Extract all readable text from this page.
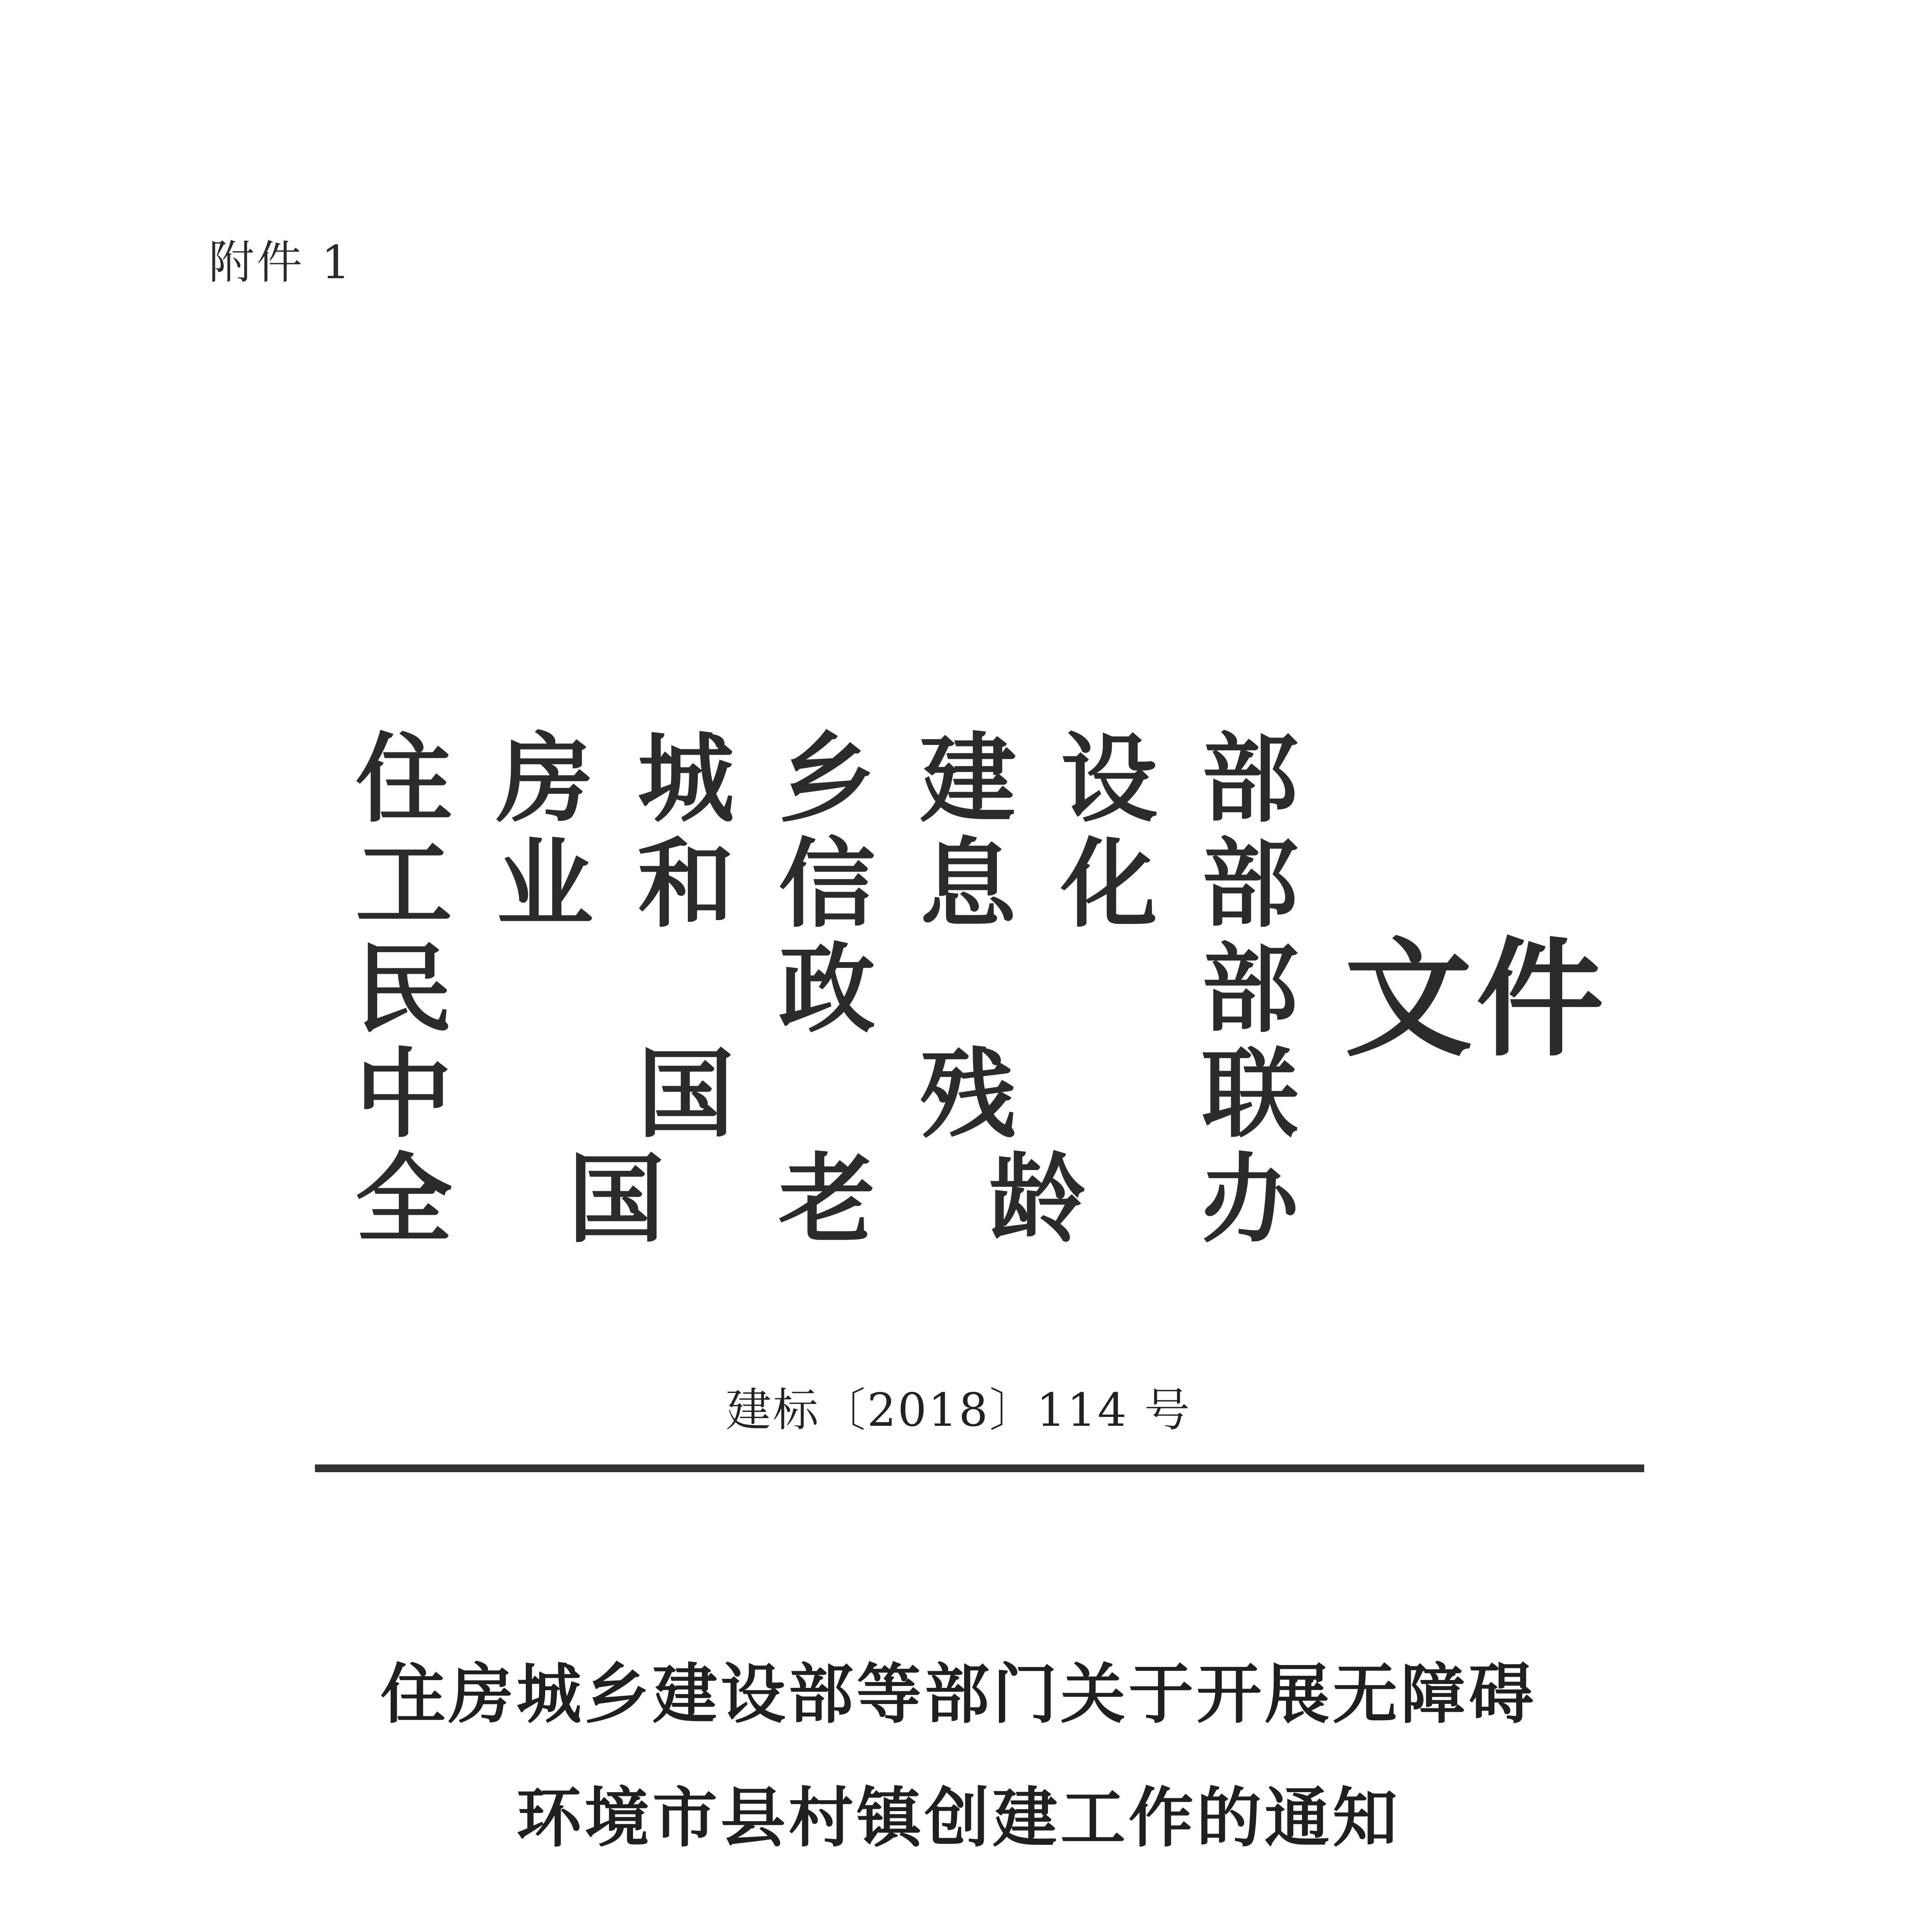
附件 1
住 房 城 乡 建 设 部
工 业 和 信 息 化 部
民	政	部
中 国 残 联
全 国 老 龄 办
文件
建标〔2018〕114 号
住房城乡建设部等部门关于开展无障碍
环境市县村镇创建工作的通知
